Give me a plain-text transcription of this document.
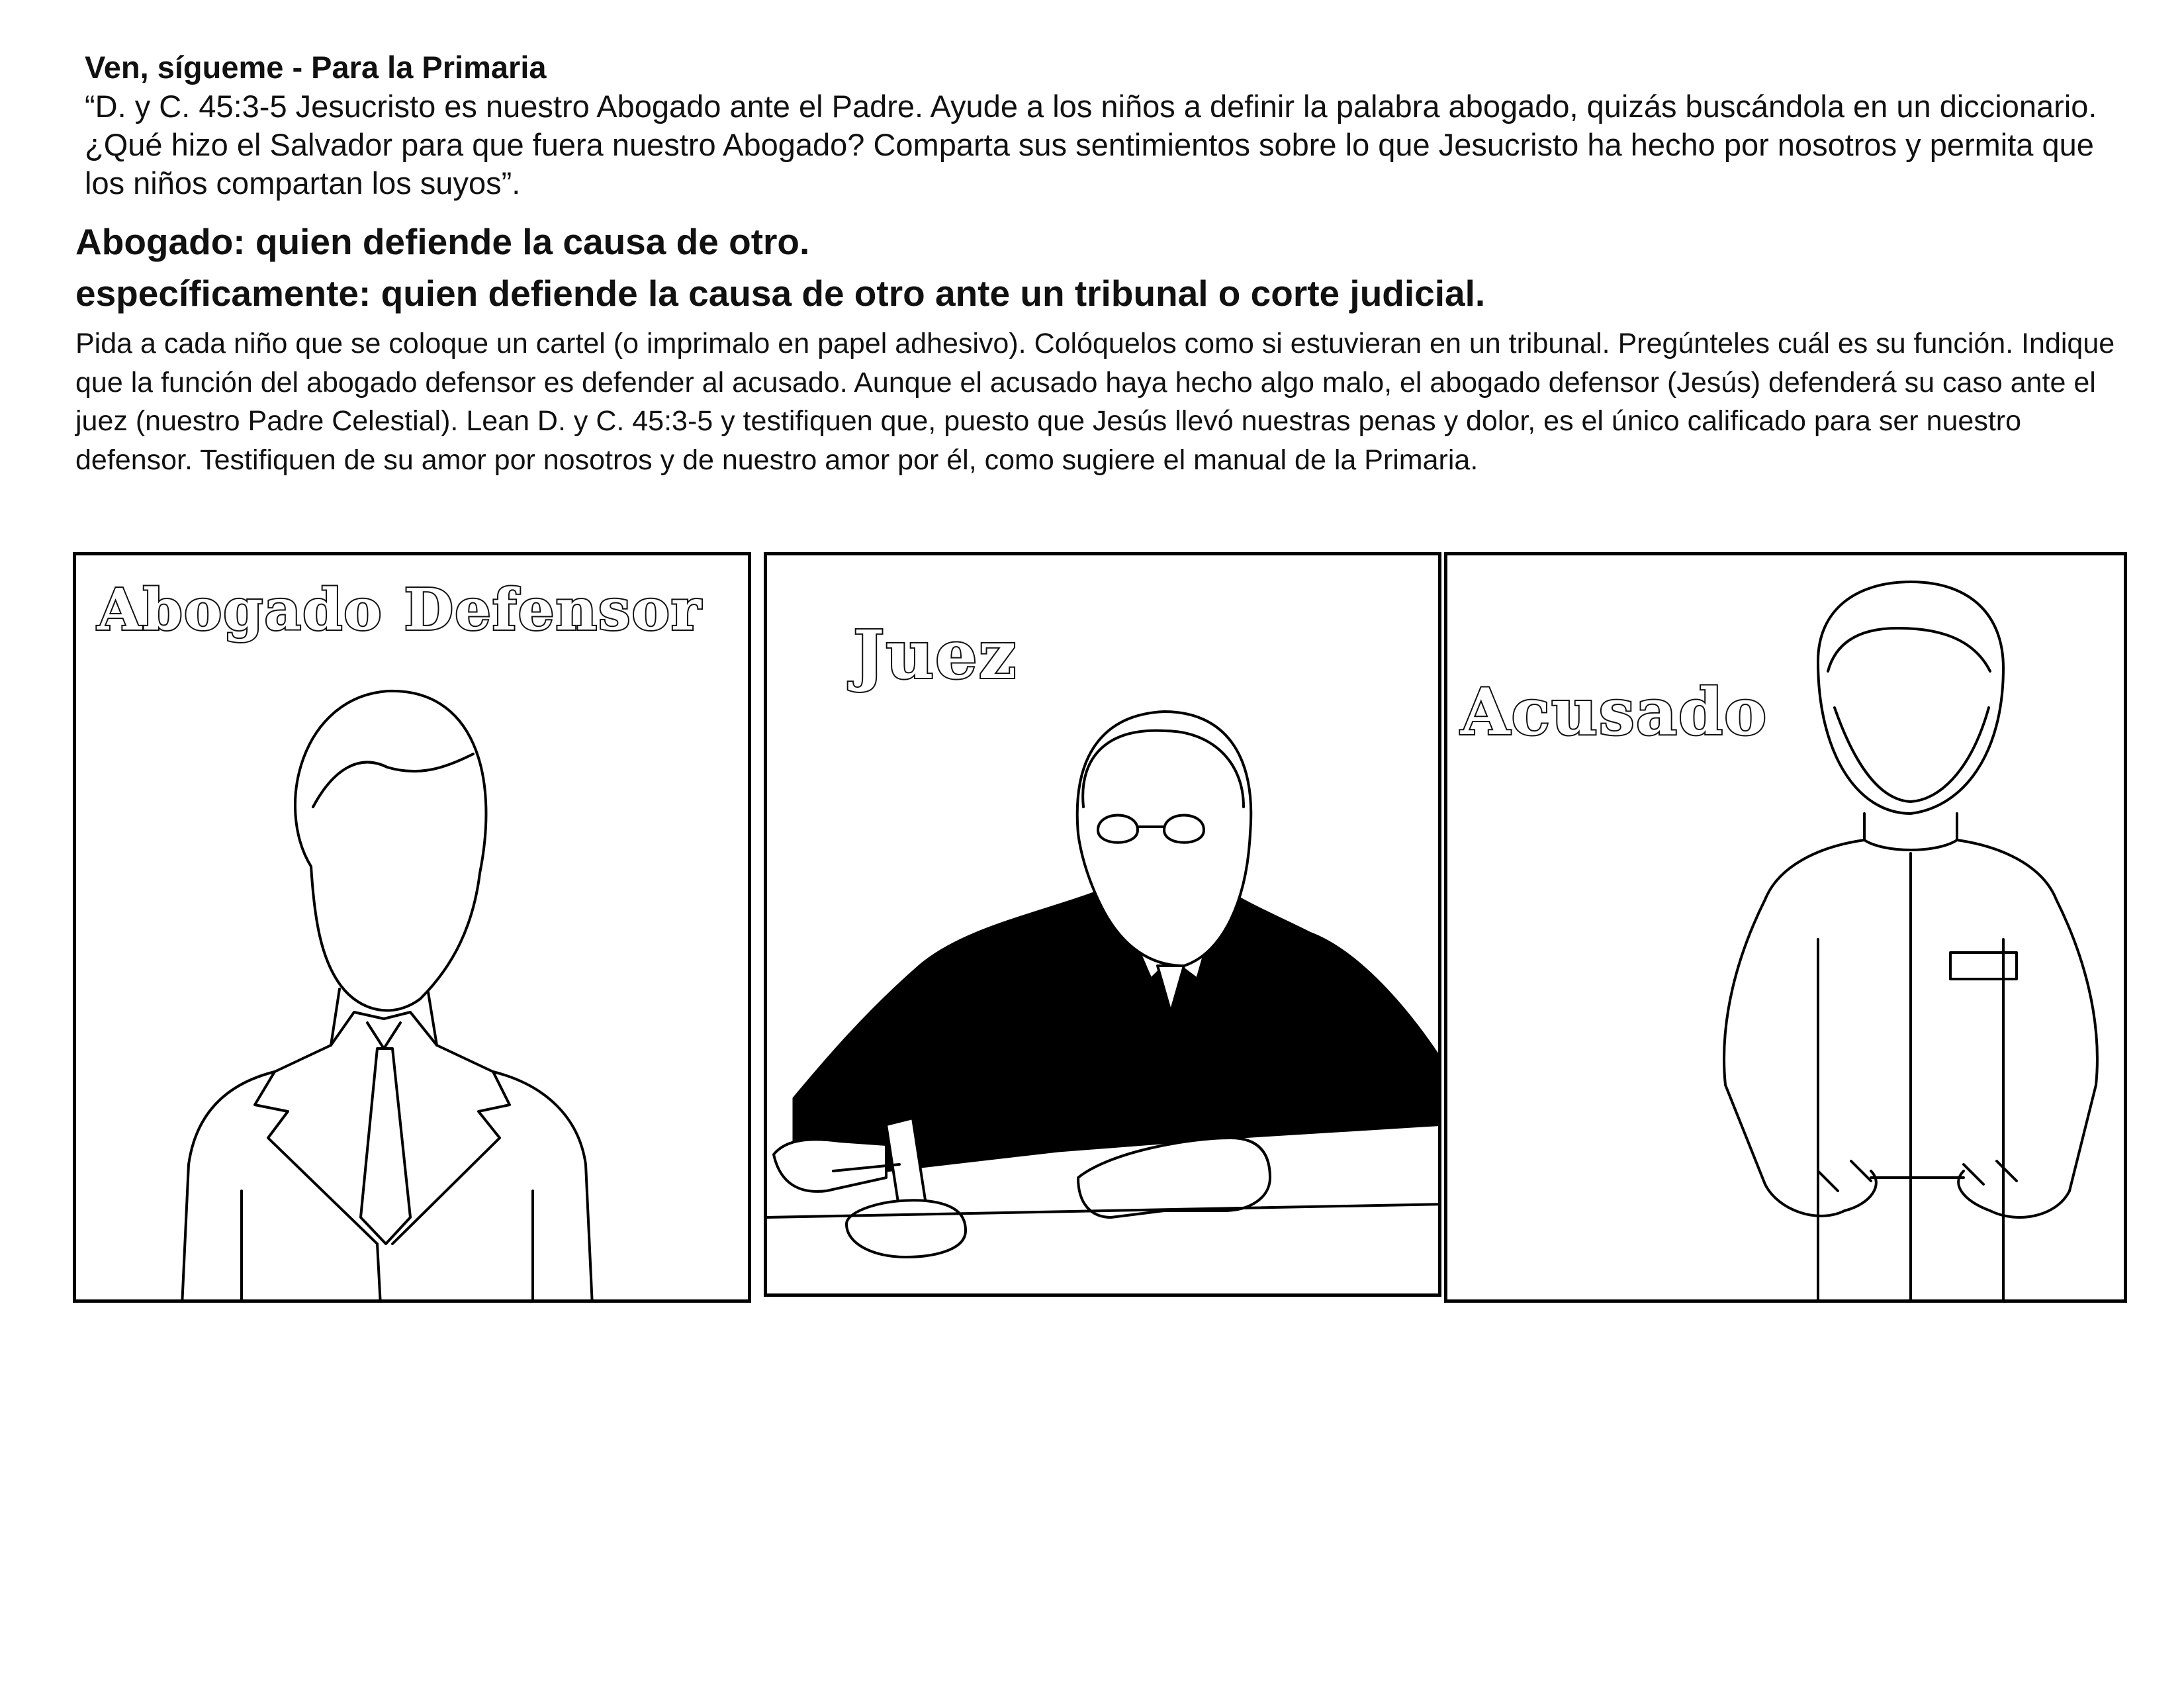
Ven, sígueme - Para la Primaria
“D. y C. 45:3-5 Jesucristo es nuestro Abogado ante el Padre. Ayude a los niños a definir la palabra abogado, quizás buscándola en un diccionario. ¿Qué hizo el Salvador para que fuera nuestro Abogado? Comparta sus sentimientos sobre lo que Jesucristo ha hecho por nosotros y permita que los niños compartan los suyos”.
Abogado: quien defiende la causa de otro.
específicamente: quien defiende la causa de otro ante un tribunal o corte judicial.
Pida a cada niño que se coloque un cartel (o imprimalo en papel adhesivo). Colóquelos como si estuvieran en un tribunal. Pregúnteles cuál es su función. Indique que la función del abogado defensor es defender al acusado. Aunque el acusado haya hecho algo malo, el abogado defensor (Jesús) defenderá su caso ante el juez (nuestro Padre Celestial). Lean D. y C. 45:3-5 y testifiquen que, puesto que Jesús llevó nuestras penas y dolor, es el único calificado para ser nuestro defensor. Testifiquen de su amor por nosotros y de nuestro amor por él, como sugiere el manual de la Primaria.
Abogado Defensor
Juez
Acusado
